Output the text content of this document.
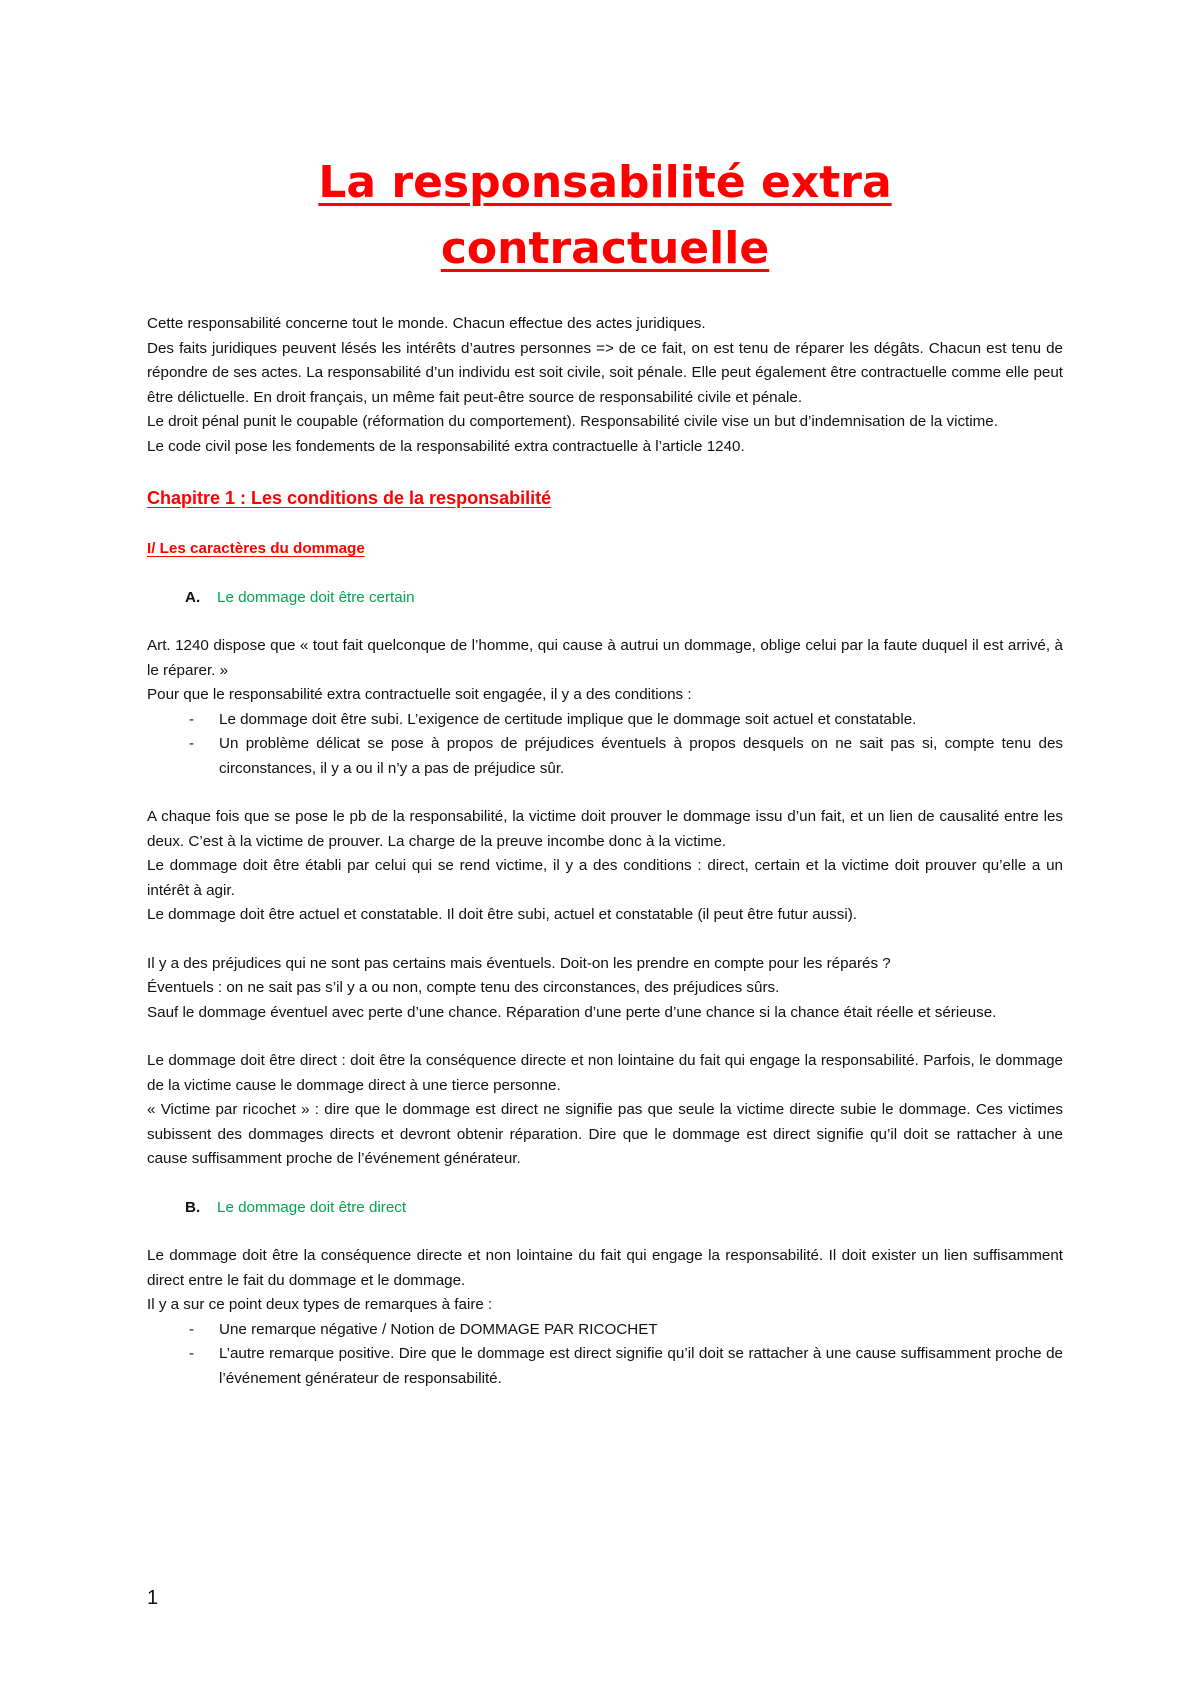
La responsabilité extra
contractuelle

Cette responsabilité concerne tout le monde. Chacun effectue des actes juridiques.

Des faits juridiques peuvent lésés les intérêts d’autres personnes => de ce fait, on est tenu de réparer les dégâts. Chacun est tenu de répondre de ses actes. La responsabilité d’un individu est soit civile, soit pénale. Elle peut également être contractuelle comme elle peut être délictuelle. En droit français, un même fait peut-être source de responsabilité civile et pénale.

Le droit pénal punit le coupable (réformation du comportement). Responsabilité civile vise un but d’indemnisation de la victime.

Le code civil pose les fondements de la responsabilité extra contractuelle à l’article 1240.

Chapitre 1 : Les conditions de la responsabilité
I/ Les caractères du dommage
A.	Le dommage doit être certain

Art. 1240 dispose que « tout fait quelconque de l’homme, qui cause à autrui un dommage, oblige celui par la faute duquel il est arrivé, à le réparer. »

Pour que le responsabilité extra contractuelle soit engagée, il y a des conditions :

-	Le dommage doit être subi. L’exigence de certitude implique que le dommage soit actuel et constatable.
-	Un problème délicat se pose à propos de préjudices éventuels à propos desquels on ne sait pas si, compte tenu des circonstances, il y a ou il n’y a pas de préjudice sûr.

A chaque fois que se pose le pb de la responsabilité, la victime doit prouver le dommage issu d’un fait, et un lien de causalité entre les deux. C’est à la victime de prouver. La charge de la preuve incombe donc à la victime.

Le dommage doit être établi par celui qui se rend victime, il y a des conditions : direct, certain et la victime doit prouver qu’elle a un intérêt à agir.

Le dommage doit être actuel et constatable. Il doit être subi, actuel et constatable (il peut être futur aussi).

Il y a des préjudices qui ne sont pas certains mais éventuels. Doit-on les prendre en compte pour les réparés ?

Éventuels : on ne sait pas s’il y a ou non, compte tenu des circonstances, des préjudices sûrs.

Sauf le dommage éventuel avec perte d’une chance. Réparation d’une perte d’une chance si la chance était réelle et sérieuse.

Le dommage doit être direct : doit être la conséquence directe et non lointaine du fait qui engage la responsabilité. Parfois, le dommage de la victime cause le dommage direct à une tierce personne.

« Victime par ricochet » : dire que le dommage est direct ne signifie pas que seule la victime directe subie le dommage. Ces victimes subissent des dommages directs et devront obtenir réparation. Dire que le dommage est direct signifie qu’il doit se rattacher à une cause suffisamment proche de l’événement générateur.

B.	Le dommage doit être direct

Le dommage doit être la conséquence directe et non lointaine du fait qui engage la responsabilité. Il doit exister un lien suffisamment direct entre le fait du dommage et le dommage.

Il y a sur ce point deux types de remarques à faire :

-	Une remarque négative / Notion de DOMMAGE PAR RICOCHET
-	L’autre remarque positive. Dire que le dommage est direct signifie qu’il doit se rattacher à une cause suffisamment proche de l’événement générateur de responsabilité.
1
